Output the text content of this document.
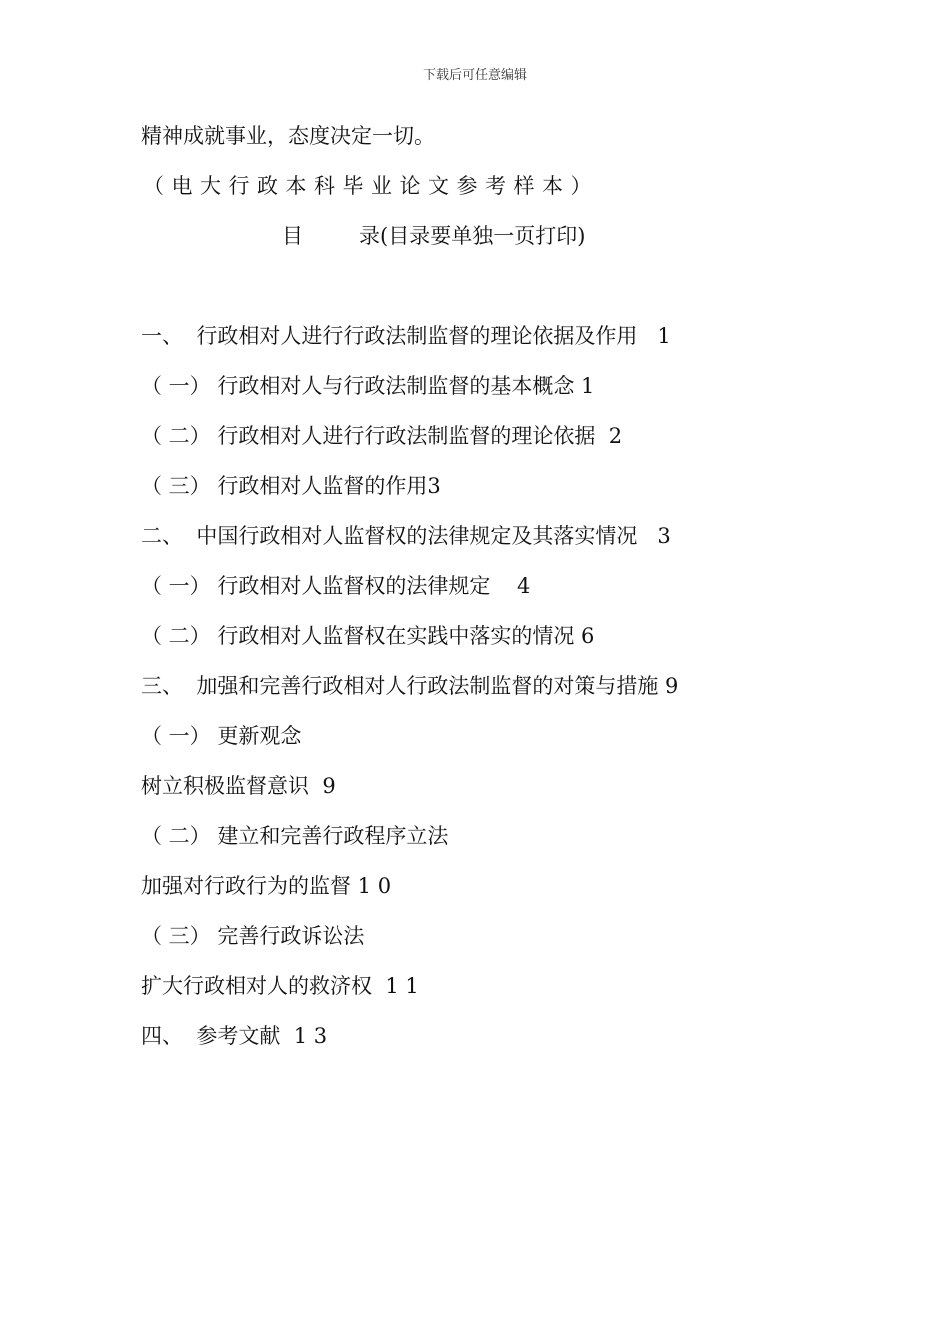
下载后可任意编辑
精神成就事业，态度决定一切。
（电大行政本科毕业论文参考样本）
目	录(目录要单独一页打印)
一、  行政相对人进行行政法制监督的理论依据及作用   1
（ 一） 行政相对人与行政法制监督的基本概念 1
（ 二） 行政相对人进行行政法制监督的理论依据  2
（ 三） 行政相对人监督的作用3
二、  中国行政相对人监督权的法律规定及其落实情况   3
（ 一） 行政相对人监督权的法律规定    4
（ 二） 行政相对人监督权在实践中落实的情况 6
三、  加强和完善行政相对人行政法制监督的对策与措施 9
（ 一） 更新观念
树立积极监督意识  9
（ 二） 建立和完善行政程序立法
加强对行政行为的监督 1 0
（ 三） 完善行政诉讼法
扩大行政相对人的救济权  1 1
四、  参考文献  1 3
